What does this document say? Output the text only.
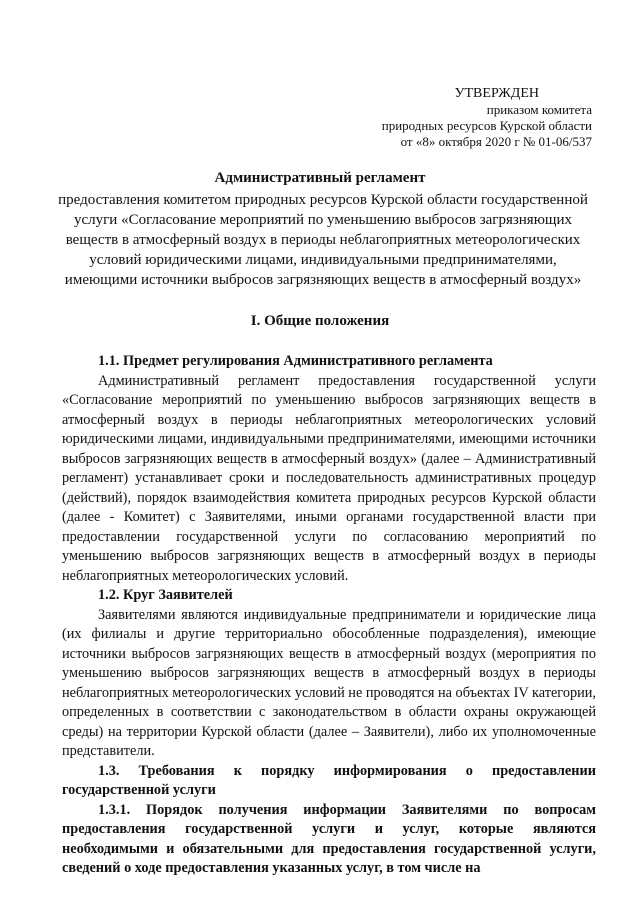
УТВЕРЖДЕН
приказом комитета
природных ресурсов Курской области
от «8» октября 2020 г № 01-06/537
Административный регламент
предоставления комитетом природных ресурсов Курской области государственной услуги «Согласование мероприятий по уменьшению выбросов загрязняющих веществ в атмосферный воздух в периоды неблагоприятных метеорологических условий юридическими лицами, индивидуальными предпринимателями, имеющими источники выбросов загрязняющих веществ в атмосферный воздух»
I. Общие положения

1.1. Предмет регулирования Административного регламента

Административный регламент предоставления государственной услуги «Согласование мероприятий по уменьшению выбросов загрязняющих веществ в атмосферный воздух в периоды неблагоприятных метеорологических условий юридическими лицами, индивидуальными предпринимателями, имеющими источники выбросов загрязняющих веществ в атмосферный воздух» (далее – Административный регламент) устанавливает сроки и последовательность административных процедур (действий), порядок взаимодействия комитета природных ресурсов Курской области (далее - Комитет) с Заявителями, иными органами государственной власти при предоставлении государственной услуги по согласованию мероприятий по уменьшению выбросов загрязняющих веществ в атмосферный воздух в периоды неблагоприятных метеорологических условий.

1.2. Круг Заявителей

Заявителями являются индивидуальные предприниматели и юридические лица (их филиалы и другие территориально обособленные подразделения), имеющие источники выбросов загрязняющих веществ в атмосферный воздух (мероприятия по уменьшению выбросов загрязняющих веществ в атмосферный воздух в периоды неблагоприятных метеорологических условий не проводятся на объектах IV категории, определенных в соответствии с законодательством в области охраны окружающей среды) на территории Курской области (далее – Заявители), либо их уполномоченные представители.

1.3. Требования к порядку информирования о предоставлении государственной услуги

1.3.1. Порядок получения информации Заявителями по вопросам предоставления государственной услуги и услуг, которые являются необходимыми и обязательными для предоставления государственной услуги, сведений о ходе предоставления указанных услуг, в том числе на
